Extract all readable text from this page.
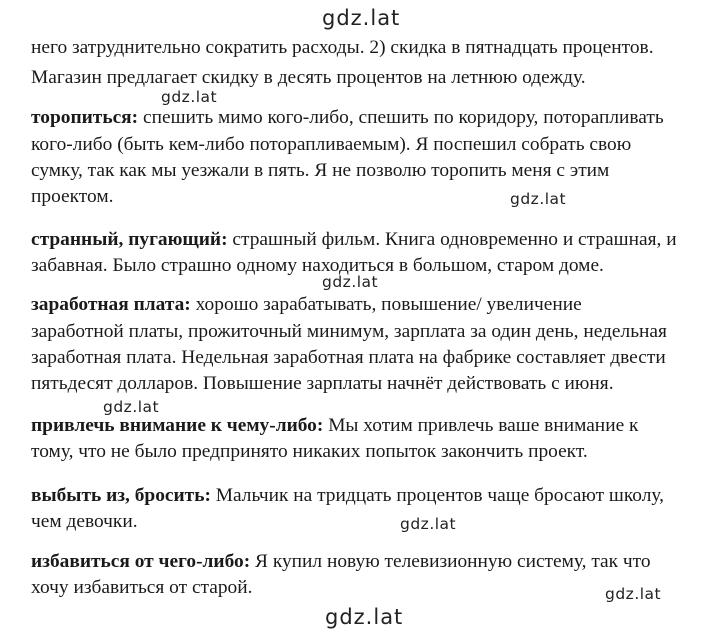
gdz.lat
него затруднительно сократить расходы. 2) скидка в пятнадцать процентов.
Магазин предлагает скидку в десять процентов на летнюю одежду.
gdz.lat
торопиться: спешить мимо кого-либо, спешить по коридору, поторапливать
кого-либо (быть кем-либо поторапливаемым). Я поспешил собрать свою
сумку, так как мы уезжали в пять. Я не позволю торопить меня с этим
проектом.	gdz.lat
странный, пугающий: страшный фильм. Книга одновременно и страшная, и
забавная. Было страшно одному находиться в большом, старом доме.
gdz.lat
заработная плата: хорошо зарабатывать, повышение/ увеличение
заработной платы, прожиточный минимум, зарплата за один день, недельная
заработная плата. Недельная заработная плата на фабрике составляет двести
пятьдесят долларов. Повышение зарплаты начнёт действовать с июня.
gdz.lat
привлечь внимание к чему-либо: Мы хотим привлечь ваше внимание к
тому, что не было предпринято никаких попыток закончить проект.
выбыть из, бросить: Мальчик на тридцать процентов чаще бросают школу,
чем девочки.	gdz.lat
избавиться от чего-либо: Я купил новую телевизионную систему, так что
хочу избавиться от старой.	gdz.lat
gdz.lat
